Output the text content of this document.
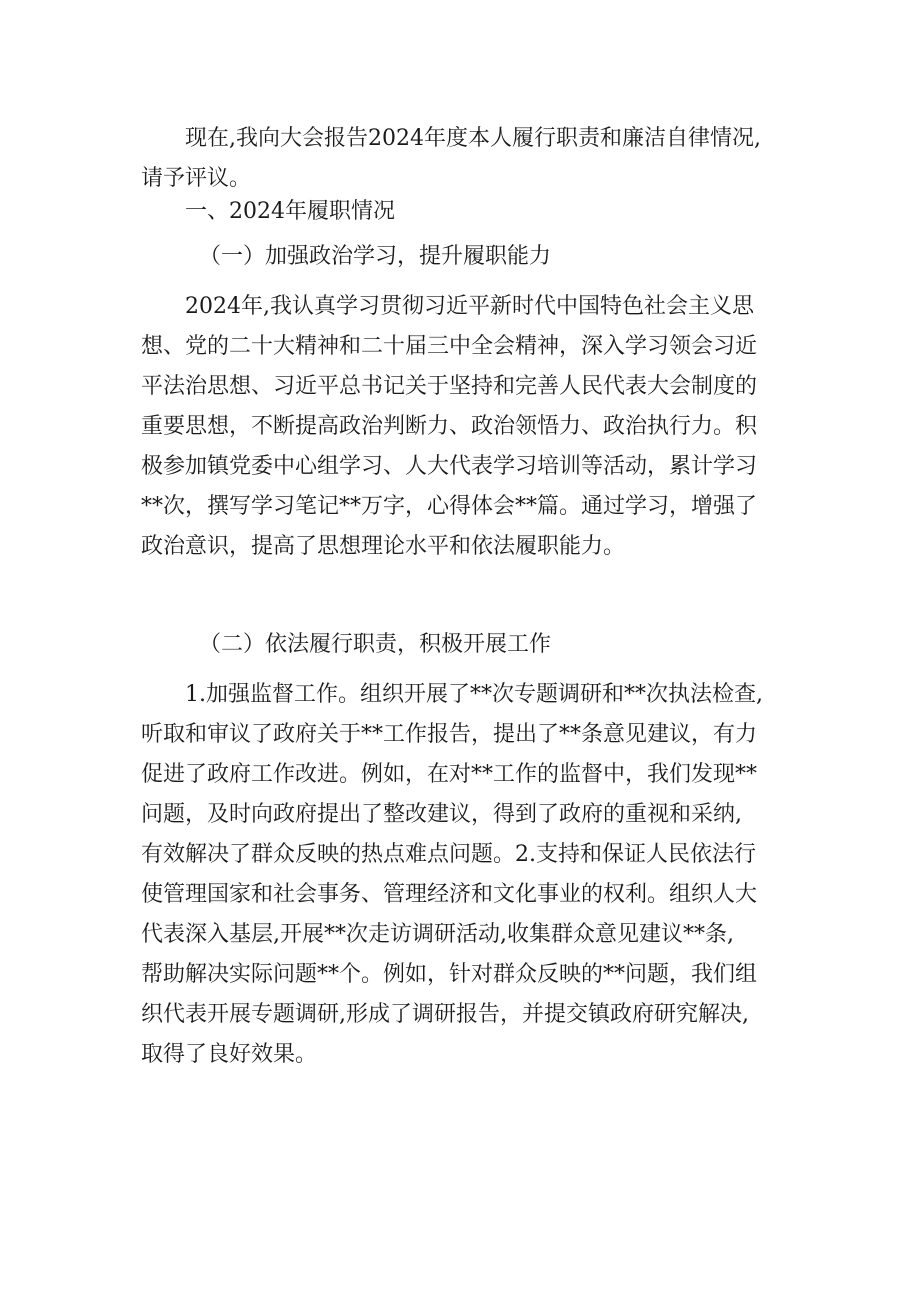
现在,我向大会报告2024年度本人履行职责和廉洁自律情况,
请予评议。
一、2024年履职情况
（一）加强政治学习，提升履职能力
2024年,我认真学习贯彻习近平新时代中国特色社会主义思
想、党的二十大精神和二十届三中全会精神，深入学习领会习近
平法治思想、习近平总书记关于坚持和完善人民代表大会制度的
重要思想，不断提高政治判断力、政治领悟力、政治执行力。积
极参加镇党委中心组学习、人大代表学习培训等活动，累计学习
**次，撰写学习笔记**万字，心得体会**篇。通过学习，增强了
政治意识，提高了思想理论水平和依法履职能力。
（二）依法履行职责，积极开展工作
1.加强监督工作。组织开展了**次专题调研和**次执法检查,
听取和审议了政府关于**工作报告，提出了**条意见建议，有力
促进了政府工作改进。例如，在对**工作的监督中，我们发现**
问题，及时向政府提出了整改建议，得到了政府的重视和采纳,
有效解决了群众反映的热点难点问题。2.支持和保证人民依法行
使管理国家和社会事务、管理经济和文化事业的权利。组织人大
代表深入基层,开展**次走访调研活动,收集群众意见建议**条,
帮助解决实际问题**个。例如，针对群众反映的**问题，我们组
织代表开展专题调研,形成了调研报告，并提交镇政府研究解决,
取得了良好效果。
